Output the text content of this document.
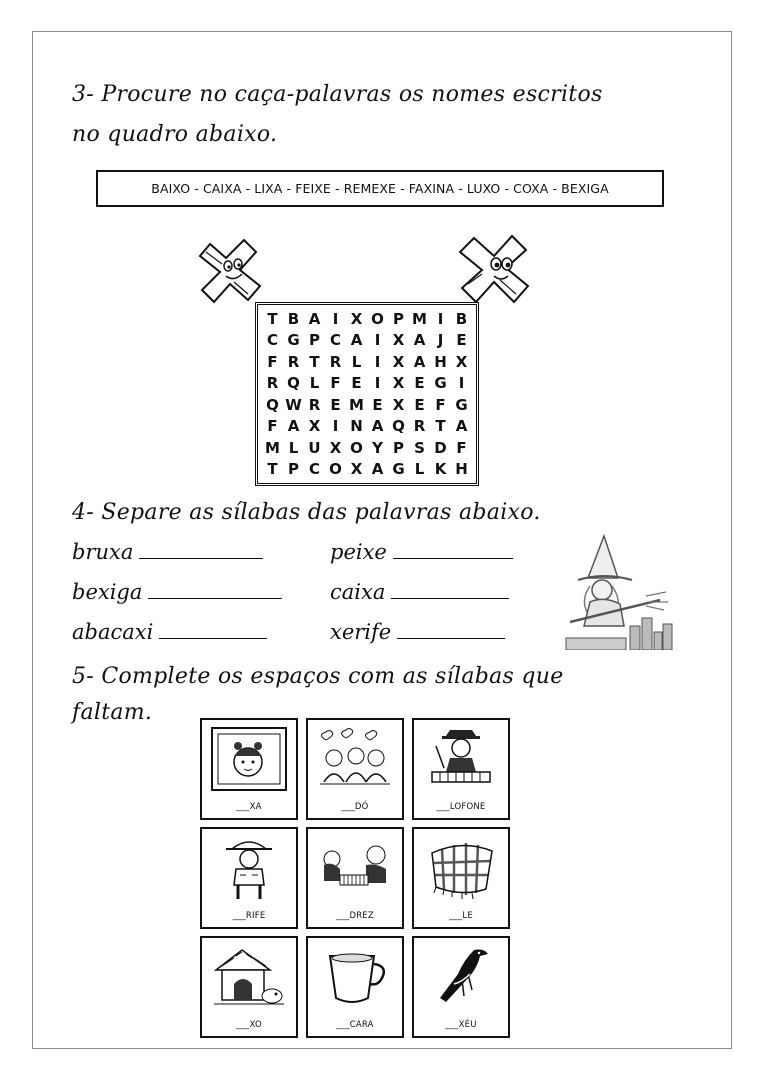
3- Procure no caça-palavras os nomes escritos
no quadro abaixo.
BAIXO - CAIXA - LIXA - FEIXE - REMEXE - FAXINA - LUXO - COXA - BEXIGA
T B A I X O P M I B
C G P C A I X A J E
F R T R L I X A H X
R Q L F E I X E G I
Q W R E M E X E F G
F A X I N A Q R T A
M L U X O Y P S D F
T P C O X A G L K H
4- Separe as sílabas das palavras abaixo.
bruxa	peixe
bexiga	caixa
abacaxi	xerife
5- Complete os espaços com as sílabas que
faltam.
___XA	___DÓ	___LOFONE
___RIFE	___DREZ	___LE
___XO	___CARA	___XÉU
